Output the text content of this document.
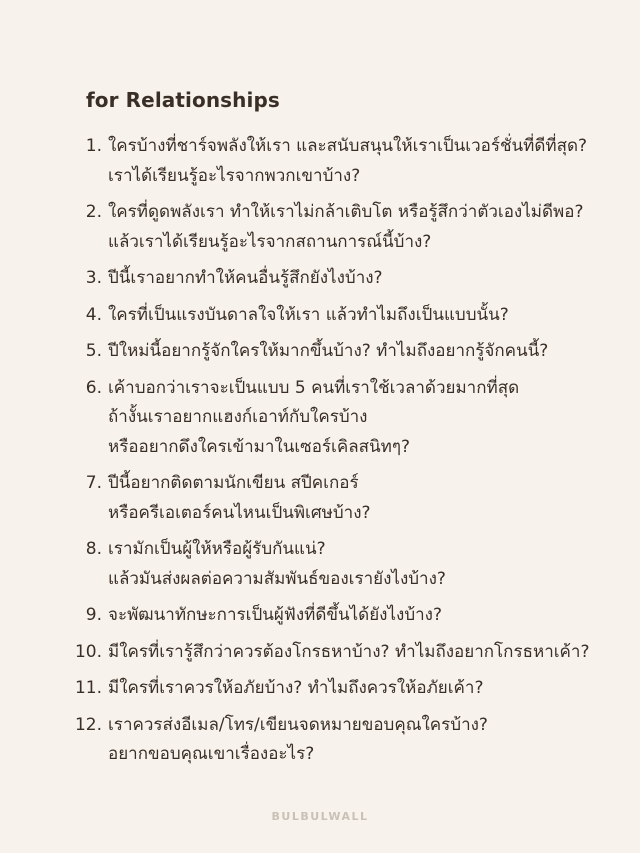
for Relationships
1. ใครบ้างที่ชาร์จพลังให้เรา และสนับสนุนให้เราเป็นเวอร์ชั่นที่ดีที่สุด?
เราได้เรียนรู้อะไรจากพวกเขาบ้าง?
2. ใครที่ดูดพลังเรา ทำให้เราไม่กล้าเติบโต หรือรู้สึกว่าตัวเองไม่ดีพอ?
แล้วเราได้เรียนรู้อะไรจากสถานการณ์นี้บ้าง?
3. ปีนี้เราอยากทำให้คนอื่นรู้สึกยังไงบ้าง?
4. ใครที่เป็นแรงบันดาลใจให้เรา แล้วทำไมถึงเป็นแบบนั้น?
5. ปีใหม่นี้อยากรู้จักใครให้มากขึ้นบ้าง? ทำไมถึงอยากรู้จักคนนี้?
6. เค้าบอกว่าเราจะเป็นแบบ 5 คนที่เราใช้เวลาด้วยมากที่สุด
ถ้างั้นเราอยากแฮงก์เอาท์กับใครบ้าง
หรืออยากดึงใครเข้ามาในเซอร์เคิลสนิทๆ?
7. ปีนี้อยากติดตามนักเขียน สปีคเกอร์
หรือครีเอเตอร์คนไหนเป็นพิเศษบ้าง?
8. เรามักเป็นผู้ให้หรือผู้รับกันแน่?
แล้วมันส่งผลต่อความสัมพันธ์ของเรายังไงบ้าง?
9. จะพัฒนาทักษะการเป็นผู้ฟังที่ดีขึ้นได้ยังไงบ้าง?
10. มีใครที่เรารู้สึกว่าควรต้องโกรธหาบ้าง? ทำไมถึงอยากโกรธหาเค้า?
11. มีใครที่เราควรให้อภัยบ้าง? ทำไมถึงควรให้อภัยเค้า?
12. เราควรส่งอีเมล/โทร/เขียนจดหมายขอบคุณใครบ้าง?
อยากขอบคุณเขาเรื่องอะไร?
BULBULWALL
